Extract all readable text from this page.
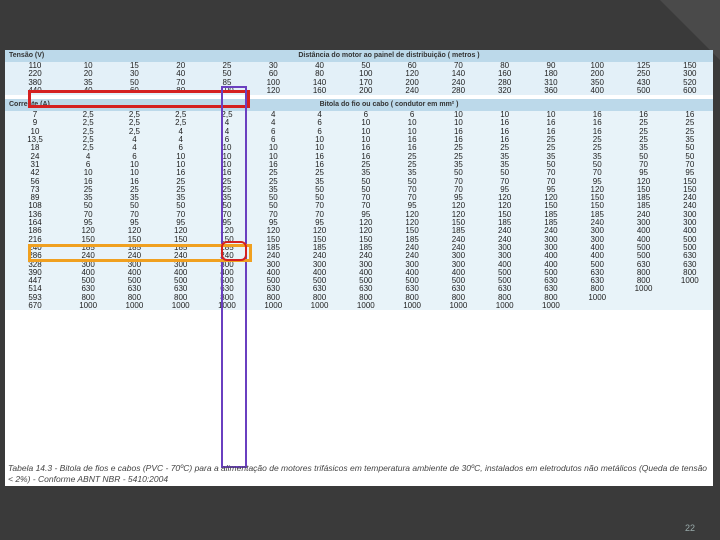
Tensão (V)	Distância do motor ao painel de distribuição ( metros )													
110	10	15	20	25	30	40	50	60	70	80	90	100	125	150
220	20	30	40	50	60	80	100	120	140	160	180	200	250	300
380	35	50	70	85	100	140	170	200	240	280	310	350	430	520
440	40	60	80	100	120	160	200	240	280	320	360	400	500	600

Corrente (A)	Bitola do fio ou cabo ( condutor em mm² )													
7	2,5	2,5	2,5	2,5	4	4	6	6	10	10	10	16	16	16
9	2,5	2,5	2,5	4	4	6	10	10	10	16	16	16	25	25
10	2,5	2,5	4	4	6	6	10	10	16	16	16	16	25	25
13,5	2,5	4	4	6	6	10	10	16	16	16	25	25	25	35
18	2,5	4	6	10	10	10	16	16	25	25	25	25	35	50
24	4	6	10	10	10	16	16	25	25	35	35	35	50	50
31	6	10	10	10	16	16	25	25	35	35	50	50	70	70
42	10	10	16	16	25	25	35	35	50	50	70	70	95	95
56	16	16	25	25	25	35	50	50	70	70	70	95	120	150
73	25	25	25	25	35	50	50	70	70	95	95	120	150	150
89	35	35	35	35	50	50	70	70	95	120	120	150	185	240
108	50	50	50	50	50	70	70	95	120	120	150	150	185	240
136	70	70	70	70	70	70	95	120	120	150	185	185	240	300
164	95	95	95	95	95	95	120	120	150	185	185	240	300	300
186	120	120	120	120	120	120	120	150	185	240	240	300	400	400
216	150	150	150	150	150	150	150	185	240	240	300	300	400	500
240	185	185	185	185	185	185	185	240	240	300	300	400	500	500
286	240	240	240	240	240	240	240	240	300	300	400	400	500	630
328	300	300	300	300	300	300	300	300	300	400	400	500	630	630
390	400	400	400	400	400	400	400	400	400	500	500	630	800	800
447	500	500	500	500	500	500	500	500	500	500	630	630	800	1000
514	630	630	630	630	630	630	630	630	630	630	630	800	1000	
593	800	800	800	800	800	800	800	800	800	800	800	1000		
670	1000	1000	1000	1000	1000	1000	1000	1000	1000	1000	1000			
Tabela 14.3 - Bitola de fios e cabos (PVC - 70ºC) para a alimentação de motores trifásicos em temperatura ambiente de 30ºC, instalados em eletrodutos não metálicos (Queda de tensão < 2%) - Conforme ABNT NBR - 5410:2004
22
